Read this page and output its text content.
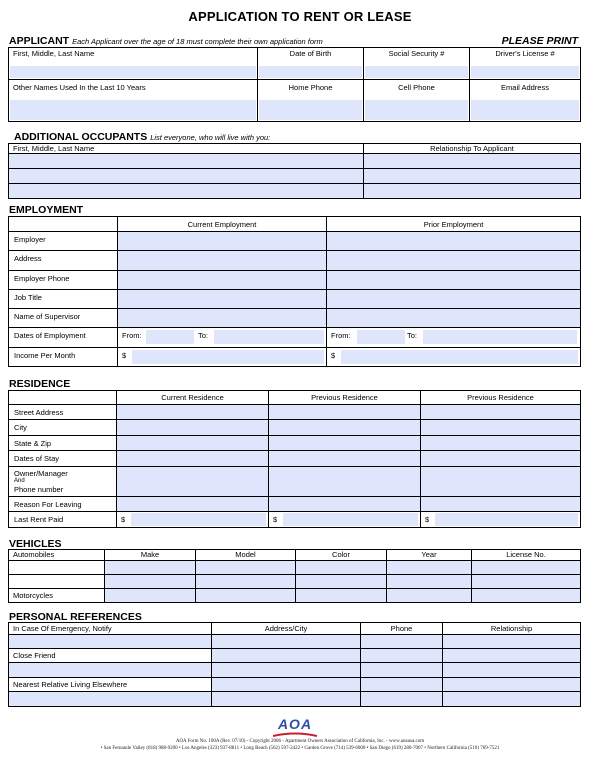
APPLICATION TO RENT OR LEASE
APPLICANT Each Applicant over the age of 18 must complete their own application form	PLEASE PRINT
First, Middle, Last Name	Date of Birth	Social Security #	Driver's License #

Other Names Used In the Last 10 Years	Home Phone	Cell Phone	Email Address
ADDITIONAL OCCUPANTS List everyone, who will live with you:
First, Middle, Last Name	Relationship To Applicant

EMPLOYMENT
	Current Employment	Prior Employment
Employer		
Address		
Employer Phone		
Job Title		
Name of Supervisor		
Dates of Employment	From: To:	From: To:

Income Per Month	$	$
RESIDENCE
	Current Residence	Previous Residence	Previous Residence
Street Address			
City			
State & Zip			
Dates of Stay			

Owner/Manager
And
Phone number			

Reason For Leaving			
Last Rent Paid	$	$	$
VEHICLES
Automobiles	Make	Model	Color	Year	License No.

Motorcycles					
PERSONAL REFERENCES
In Case Of Emergency, Notify	Address/City	Phone	Relationship

Close Friend			

Nearest Relative Living Elsewhere			

AOA
AOA Form No. 100A (Rev. 07/10) - Copyright 2006 - Apartment Owners Association of California, Inc. - www.aoausa.com
• San Fernando Valley (818) 988-9200 • Los Angeles (323) 937-8811 • Long Beach (562) 597-2422 • Garden Grove (714) 539-6000 • San Diego (619) 280-7007 • Northern California (510) 769-7521
